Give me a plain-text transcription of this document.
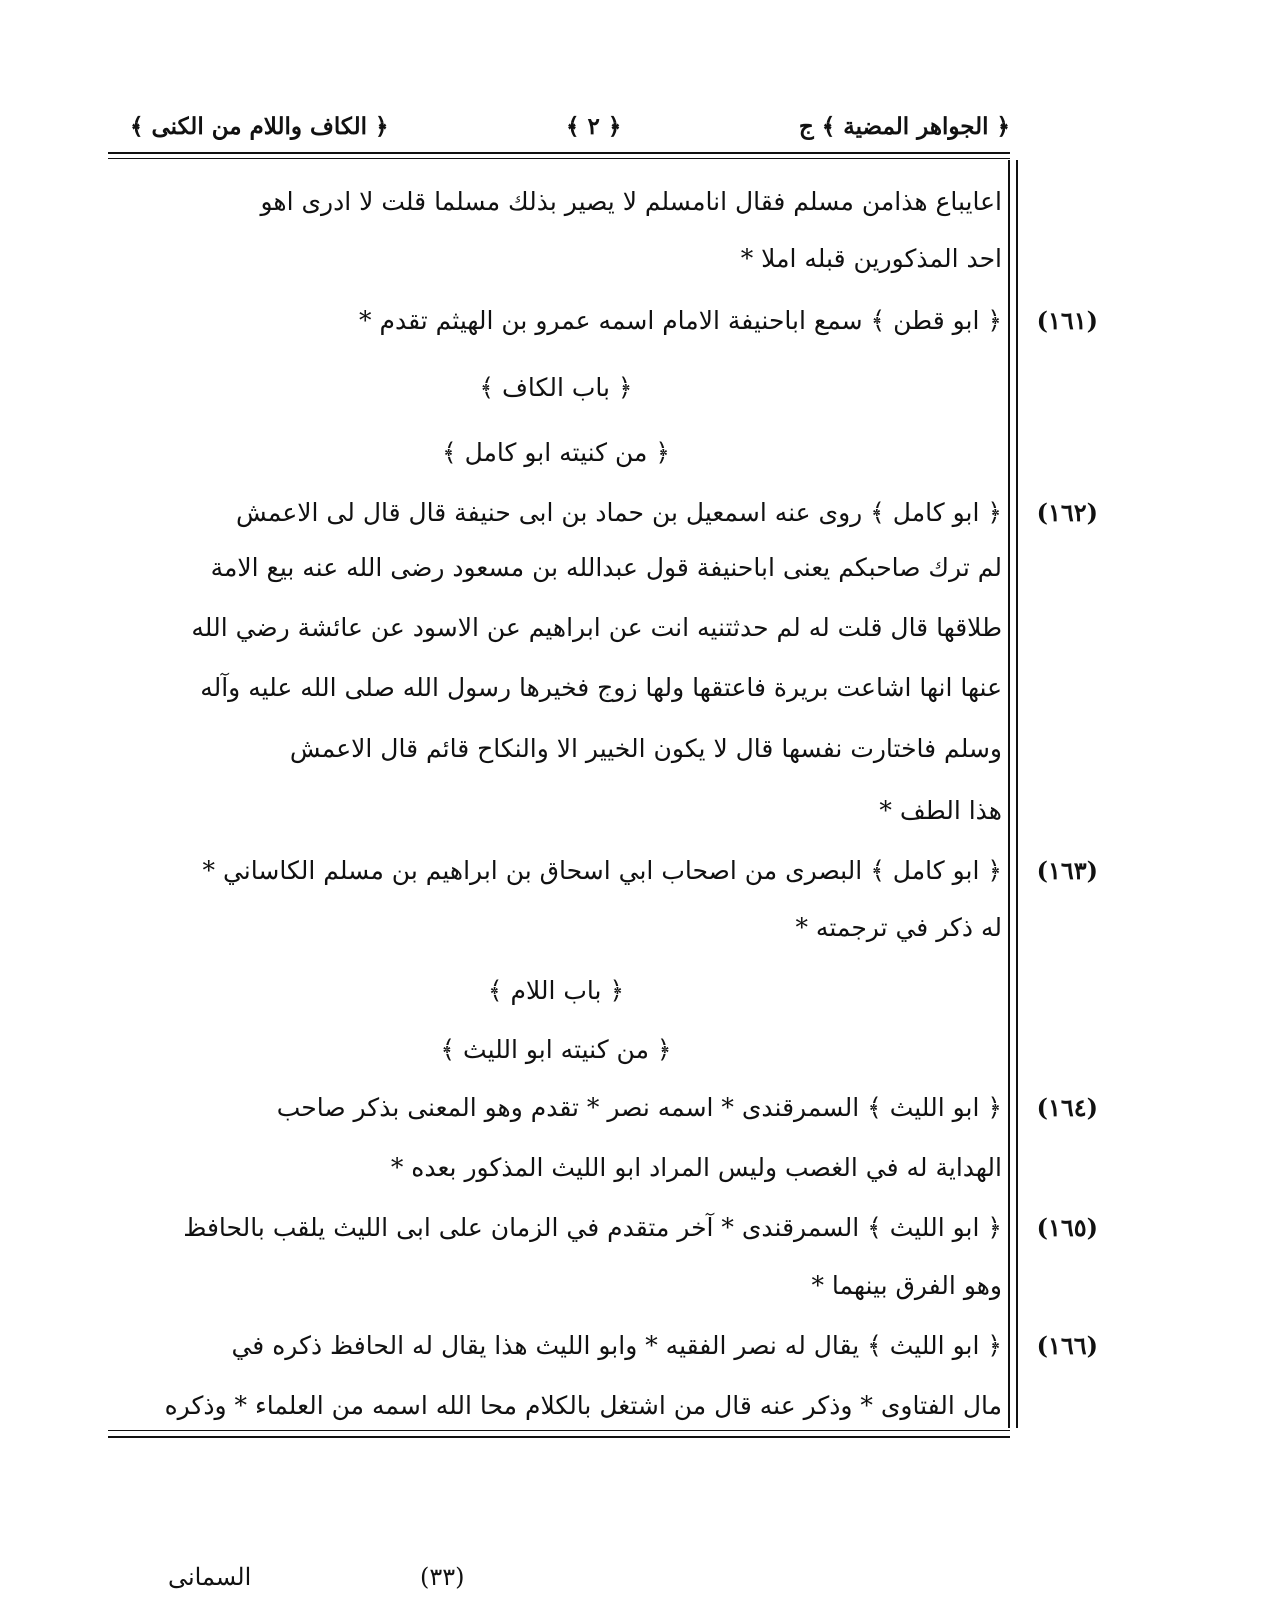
﴿ الجواهر المضية ﴾ ج
﴿ ٢ ﴾
﴿ الكاف واللام من الكنى ﴾
اعايباع هذامن مسلم فقال انامسلم لا يصير بذلك مسلما قلت لا ادرى اهو
احد المذكورين قبله املا *
(١٦١)
﴿ ابو قطن ﴾ سمع اباحنيفة الامام اسمه عمرو بن الهيثم تقدم *
﴿ باب الكاف ﴾
﴿ من كنيته ابو كامل ﴾
(١٦٢)
﴿ ابو كامل ﴾ روى عنه اسمعيل بن حماد بن ابى حنيفة قال قال لى الاعمش
لم ترك صاحبكم يعنى اباحنيفة قول عبدالله بن مسعود رضى الله عنه بيع الامة
طلاقها قال قلت له لم حدثتنيه انت عن ابراهيم عن الاسود عن عائشة رضي الله
عنها انها اشاعت بريرة فاعتقها ولها زوج فخيرها رسول الله صلى الله عليه وآله
وسلم فاختارت نفسها قال لا يكون الخيير الا والنكاح قائم قال الاعمش
هذا الطف *
(١٦٣)
﴿ ابو كامل ﴾ البصرى من اصحاب ابي اسحاق بن ابراهيم بن مسلم الكاساني *
له ذكر في ترجمته *
﴿ باب اللام ﴾
﴿ من كنيته ابو الليث ﴾
(١٦٤)
﴿ ابو الليث ﴾ السمرقندى * اسمه نصر * تقدم وهو المعنى بذكر صاحب
الهداية له في الغصب وليس المراد ابو الليث المذكور بعده *
(١٦٥)
﴿ ابو الليث ﴾ السمرقندى * آخر متقدم في الزمان على ابى الليث يلقب بالحافظ
وهو الفرق بينهما *
(١٦٦)
﴿ ابو الليث ﴾ يقال له نصر الفقيه * وابو الليث هذا يقال له الحافظ ذكره في
مال الفتاوى * وذكر عنه قال من اشتغل بالكلام محا الله اسمه من العلماء * وذكره
(٣٣)
السمانى
